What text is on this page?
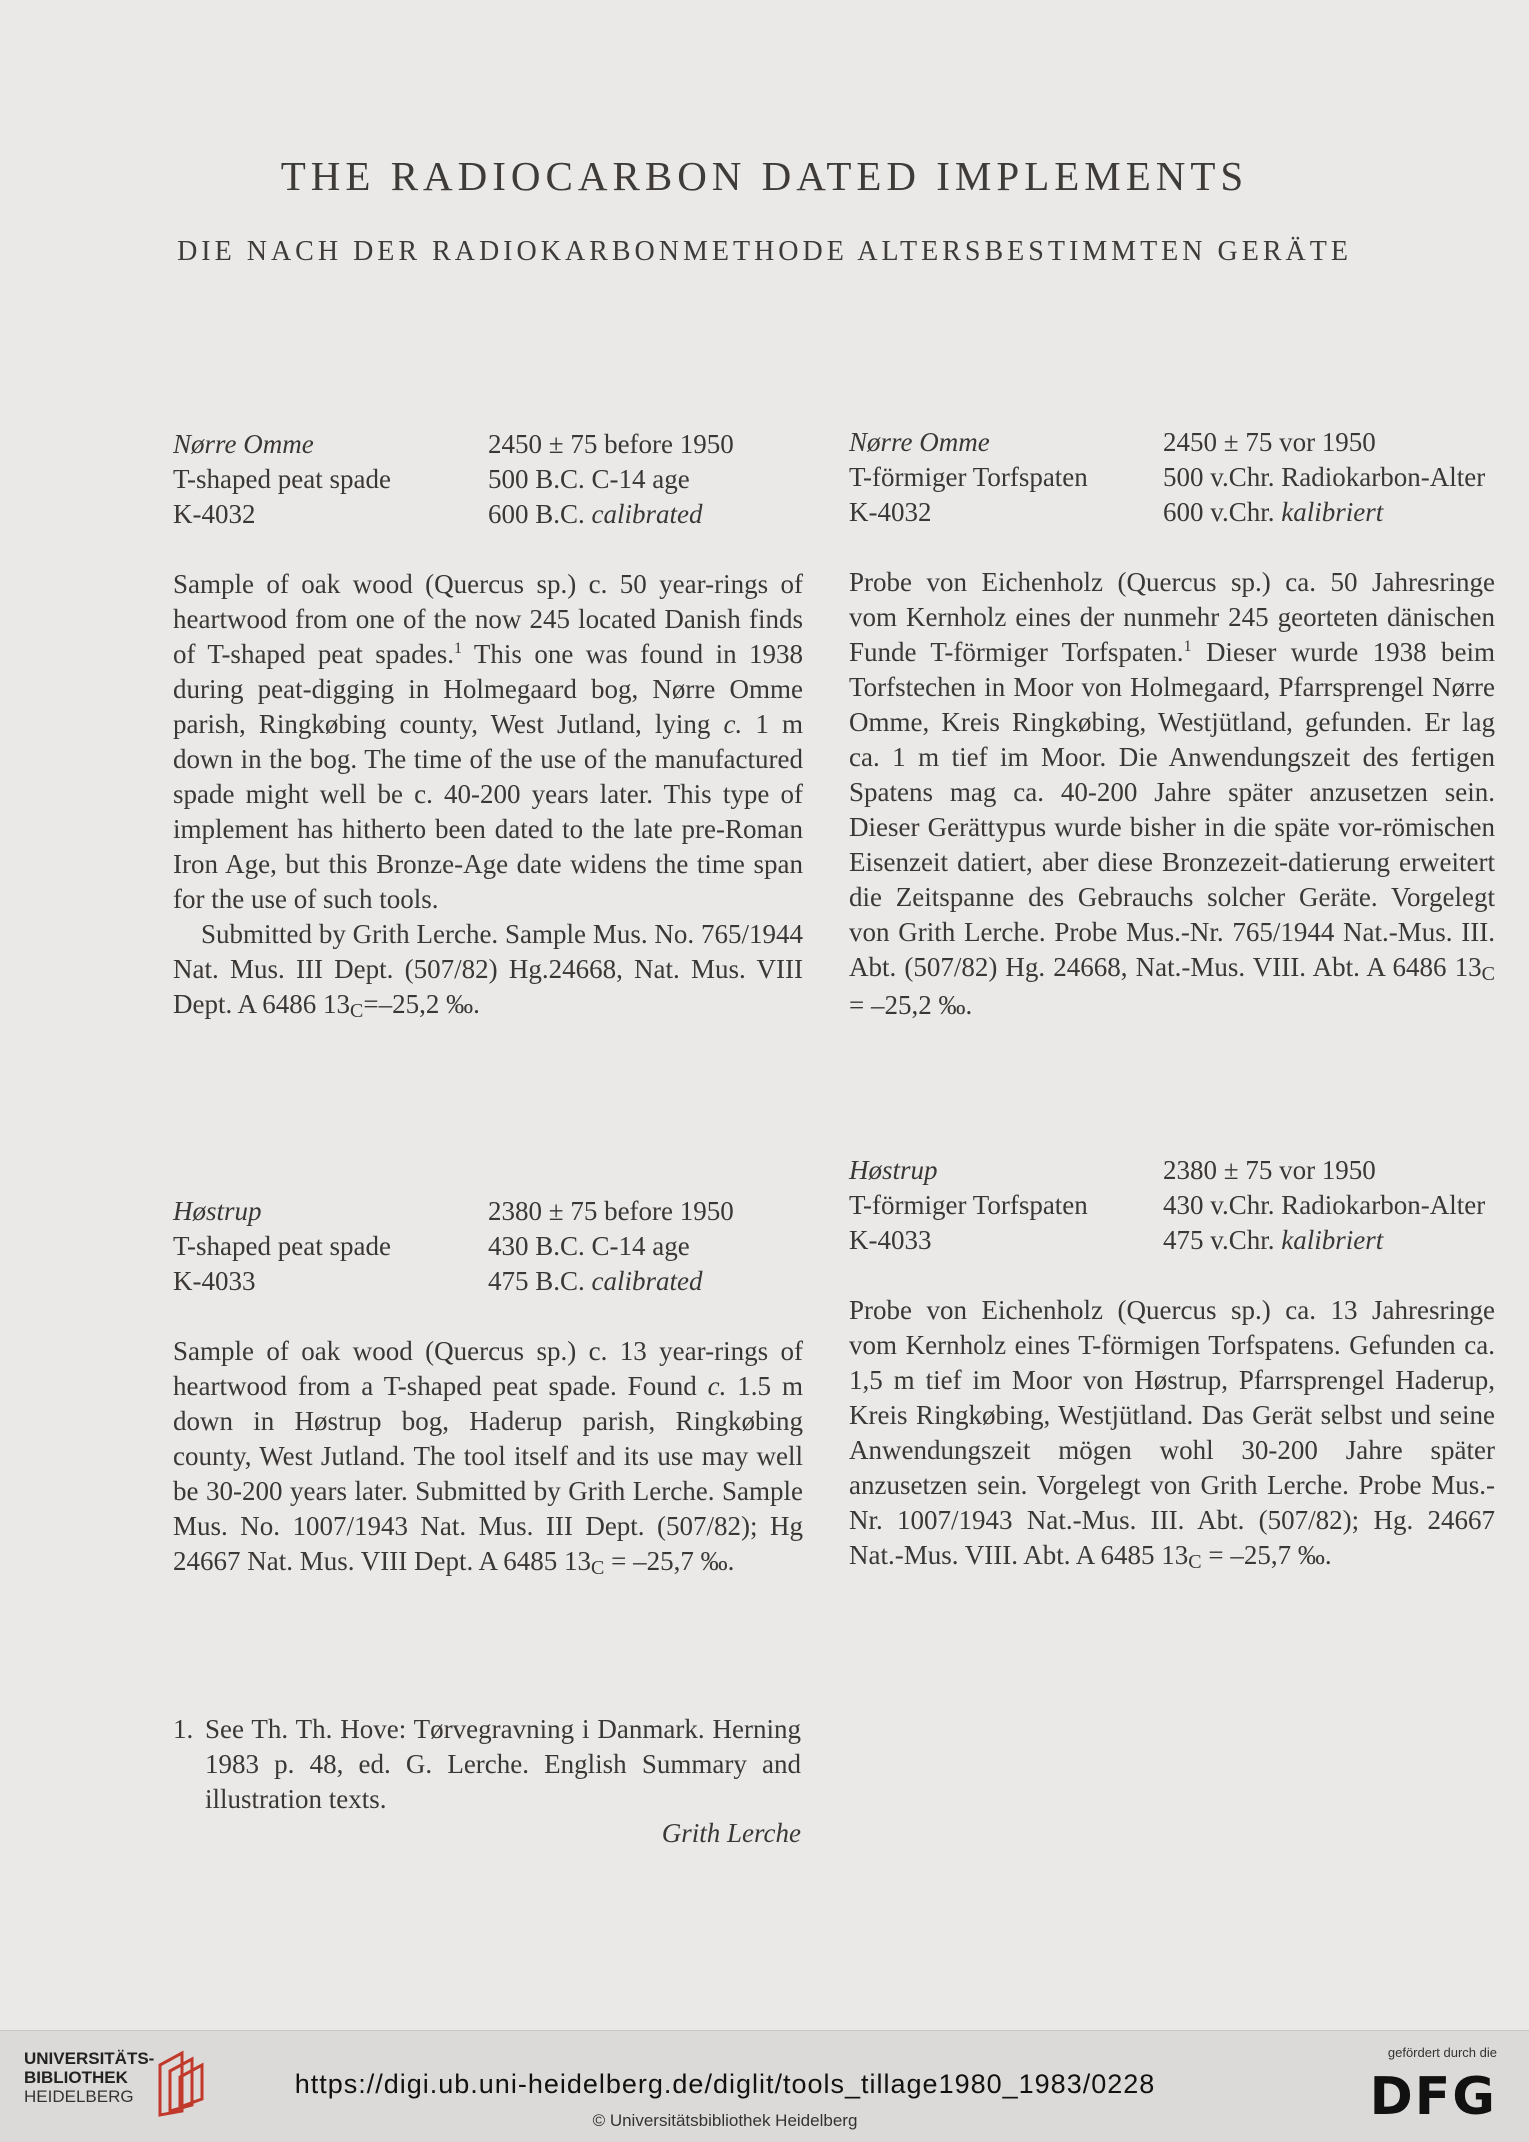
THE RADIOCARBON DATED IMPLEMENTS
DIE NACH DER RADIOKARBONMETHODE ALTERSBESTIMMTEN GERÄTE
Nørre Omme	2450 ± 75 before 1950
T-shaped peat spade	500 B.C. C-14 age
K-4032	600 B.C. calibrated

Sample of oak wood (Quercus sp.) c. 50 year-rings of heartwood from one of the now 245 located Danish finds of T-shaped peat spades.$^1$ This one was found in 1938 during peat-digging in Holmegaard bog, Nørre Omme parish, Ringkøbing county, West Jutland, lying c. 1 m down in the bog. The time of the use of the manufactured spade might well be c. 40-200 years later. This type of implement has hitherto been dated to the late pre-Roman Iron Age, but this Bronze-Age date widens the time span for the use of such tools.

Submitted by Grith Lerche. Sample Mus. No. 765/1944 Nat. Mus. III Dept. (507/82) Hg.24668, Nat. Mus. VIII Dept. A 6486 13C=–25,2 ‰.

Høstrup	2380 ± 75 before 1950
T-shaped peat spade	430 B.C. C-14 age
K-4033	475 B.C. calibrated

Sample of oak wood (Quercus sp.) c. 13 year-rings of heartwood from a T-shaped peat spade. Found c. 1.5 m down in Høstrup bog, Haderup parish, Ringkøbing county, West Jutland. The tool itself and its use may well be 30-200 years later. Submitted by Grith Lerche. Sample Mus. No. 1007/1943 Nat. Mus. III Dept. (507/82); Hg 24667 Nat. Mus. VIII Dept. A 6485 13C = –25,7 ‰.

Nørre Omme	2450 ± 75 vor 1950
T-förmiger Torfspaten	500 v.Chr. Radiokarbon-Alter
K-4032	600 v.Chr. kalibriert

Probe von Eichenholz (Quercus sp.) ca. 50 Jahresringe vom Kernholz eines der nunmehr 245 georteten dänischen Funde T-förmiger Torfspaten.$^1$ Dieser wurde 1938 beim Torfstechen in Moor von Holmegaard, Pfarrsprengel Nørre Omme, Kreis Ringkøbing, Westjütland, gefunden. Er lag ca. 1 m tief im Moor. Die Anwendungszeit des fertigen Spatens mag ca. 40-200 Jahre später anzusetzen sein. Dieser Gerättypus wurde bisher in die späte vor-römischen Eisenzeit datiert, aber diese Bronzezeit-datierung erweitert die Zeitspanne des Gebrauchs solcher Geräte. Vorgelegt von Grith Lerche. Probe Mus.-Nr. 765/1944 Nat.-Mus. III. Abt. (507/82) Hg. 24668, Nat.-Mus. VIII. Abt. A 6486 13C = –25,2 ‰.

Høstrup	2380 ± 75 vor 1950
T-förmiger Torfspaten	430 v.Chr. Radiokarbon-Alter
K-4033	475 v.Chr. kalibriert

Probe von Eichenholz (Quercus sp.) ca. 13 Jahresringe vom Kernholz eines T-förmigen Torfspatens. Gefunden ca. 1,5 m tief im Moor von Høstrup, Pfarrsprengel Haderup, Kreis Ringkøbing, Westjütland. Das Gerät selbst und seine Anwendungszeit mögen wohl 30-200 Jahre später anzusetzen sein. Vorgelegt von Grith Lerche. Probe Mus.-Nr. 1007/1943 Nat.-Mus. III. Abt. (507/82); Hg. 24667 Nat.-Mus. VIII. Abt. A 6485 13C = –25,7 ‰.

1. See Th. Th. Hove: Tørvegravning i Danmark. Herning 1983 p. 48, ed. G. Lerche. English Summary and illustration texts.
Grith Lerche
UNIVERSITÄTS-
BIBLIOTHEK
HEIDELBERG	https://digi.ub.uni-heidelberg.de/diglit/tools_tillage1980_1983/0228
© Universitätsbibliothek Heidelberg
gefördert durch die
DFG
